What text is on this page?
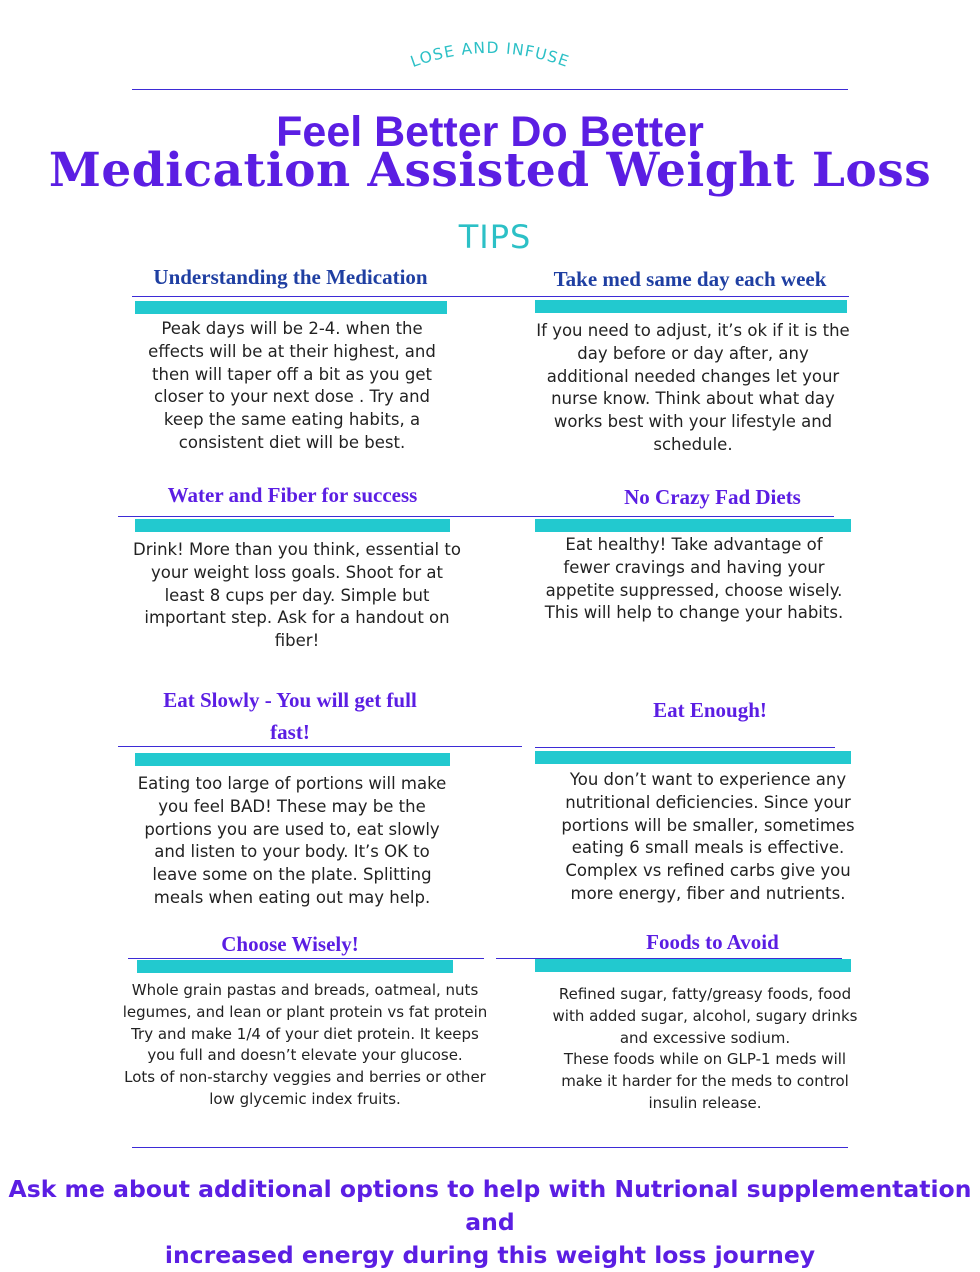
LOSE AND INFUSE
Feel Better Do Better
Medication Assisted Weight Loss
TIPS
Understanding the Medication
Peak days will be 2-4. when the
effects will be at their highest, and
then will taper off a bit as you get
closer to your next dose . Try and
keep the same eating habits, a
consistent diet will be best.
Take med same day each week
If you need to adjust, it’s ok if it is the
day before or day after, any
additional needed changes let your
nurse know. Think about what day
works best with your lifestyle and
schedule.
Water and Fiber for success
Drink! More than you think, essential to
your weight loss goals. Shoot for at
least 8 cups per day. Simple but
important step. Ask for a handout on
fiber!
No Crazy Fad Diets
Eat healthy! Take advantage of
fewer cravings and having your
appetite suppressed, choose wisely.
This will help to change your habits.
Eat Slowly - You will get full
fast!
Eating too large of portions will make
you feel BAD! These may be the
portions you are used to, eat slowly
and listen to your body. It’s OK to
leave some on the plate. Splitting
meals when eating out may help.
Eat Enough!
You don’t want to experience any
nutritional deficiencies. Since your
portions will be smaller, sometimes
eating 6 small meals is effective.
Complex vs refined carbs give you
more energy, fiber and nutrients.
Choose Wisely!
Whole grain pastas and breads, oatmeal, nuts
legumes, and lean or plant protein vs fat protein
Try and make 1/4 of your diet protein. It keeps
you full and doesn’t elevate your glucose.
Lots of non-starchy veggies and berries or other
low glycemic index fruits.
Foods to Avoid
Refined sugar, fatty/greasy foods, food
with added sugar, alcohol, sugary drinks
and excessive sodium.
These foods while on GLP-1 meds will
make it harder for the meds to control
insulin release.
Ask me about additional options to help with Nutrional supplementation and
increased energy during this weight loss journey
